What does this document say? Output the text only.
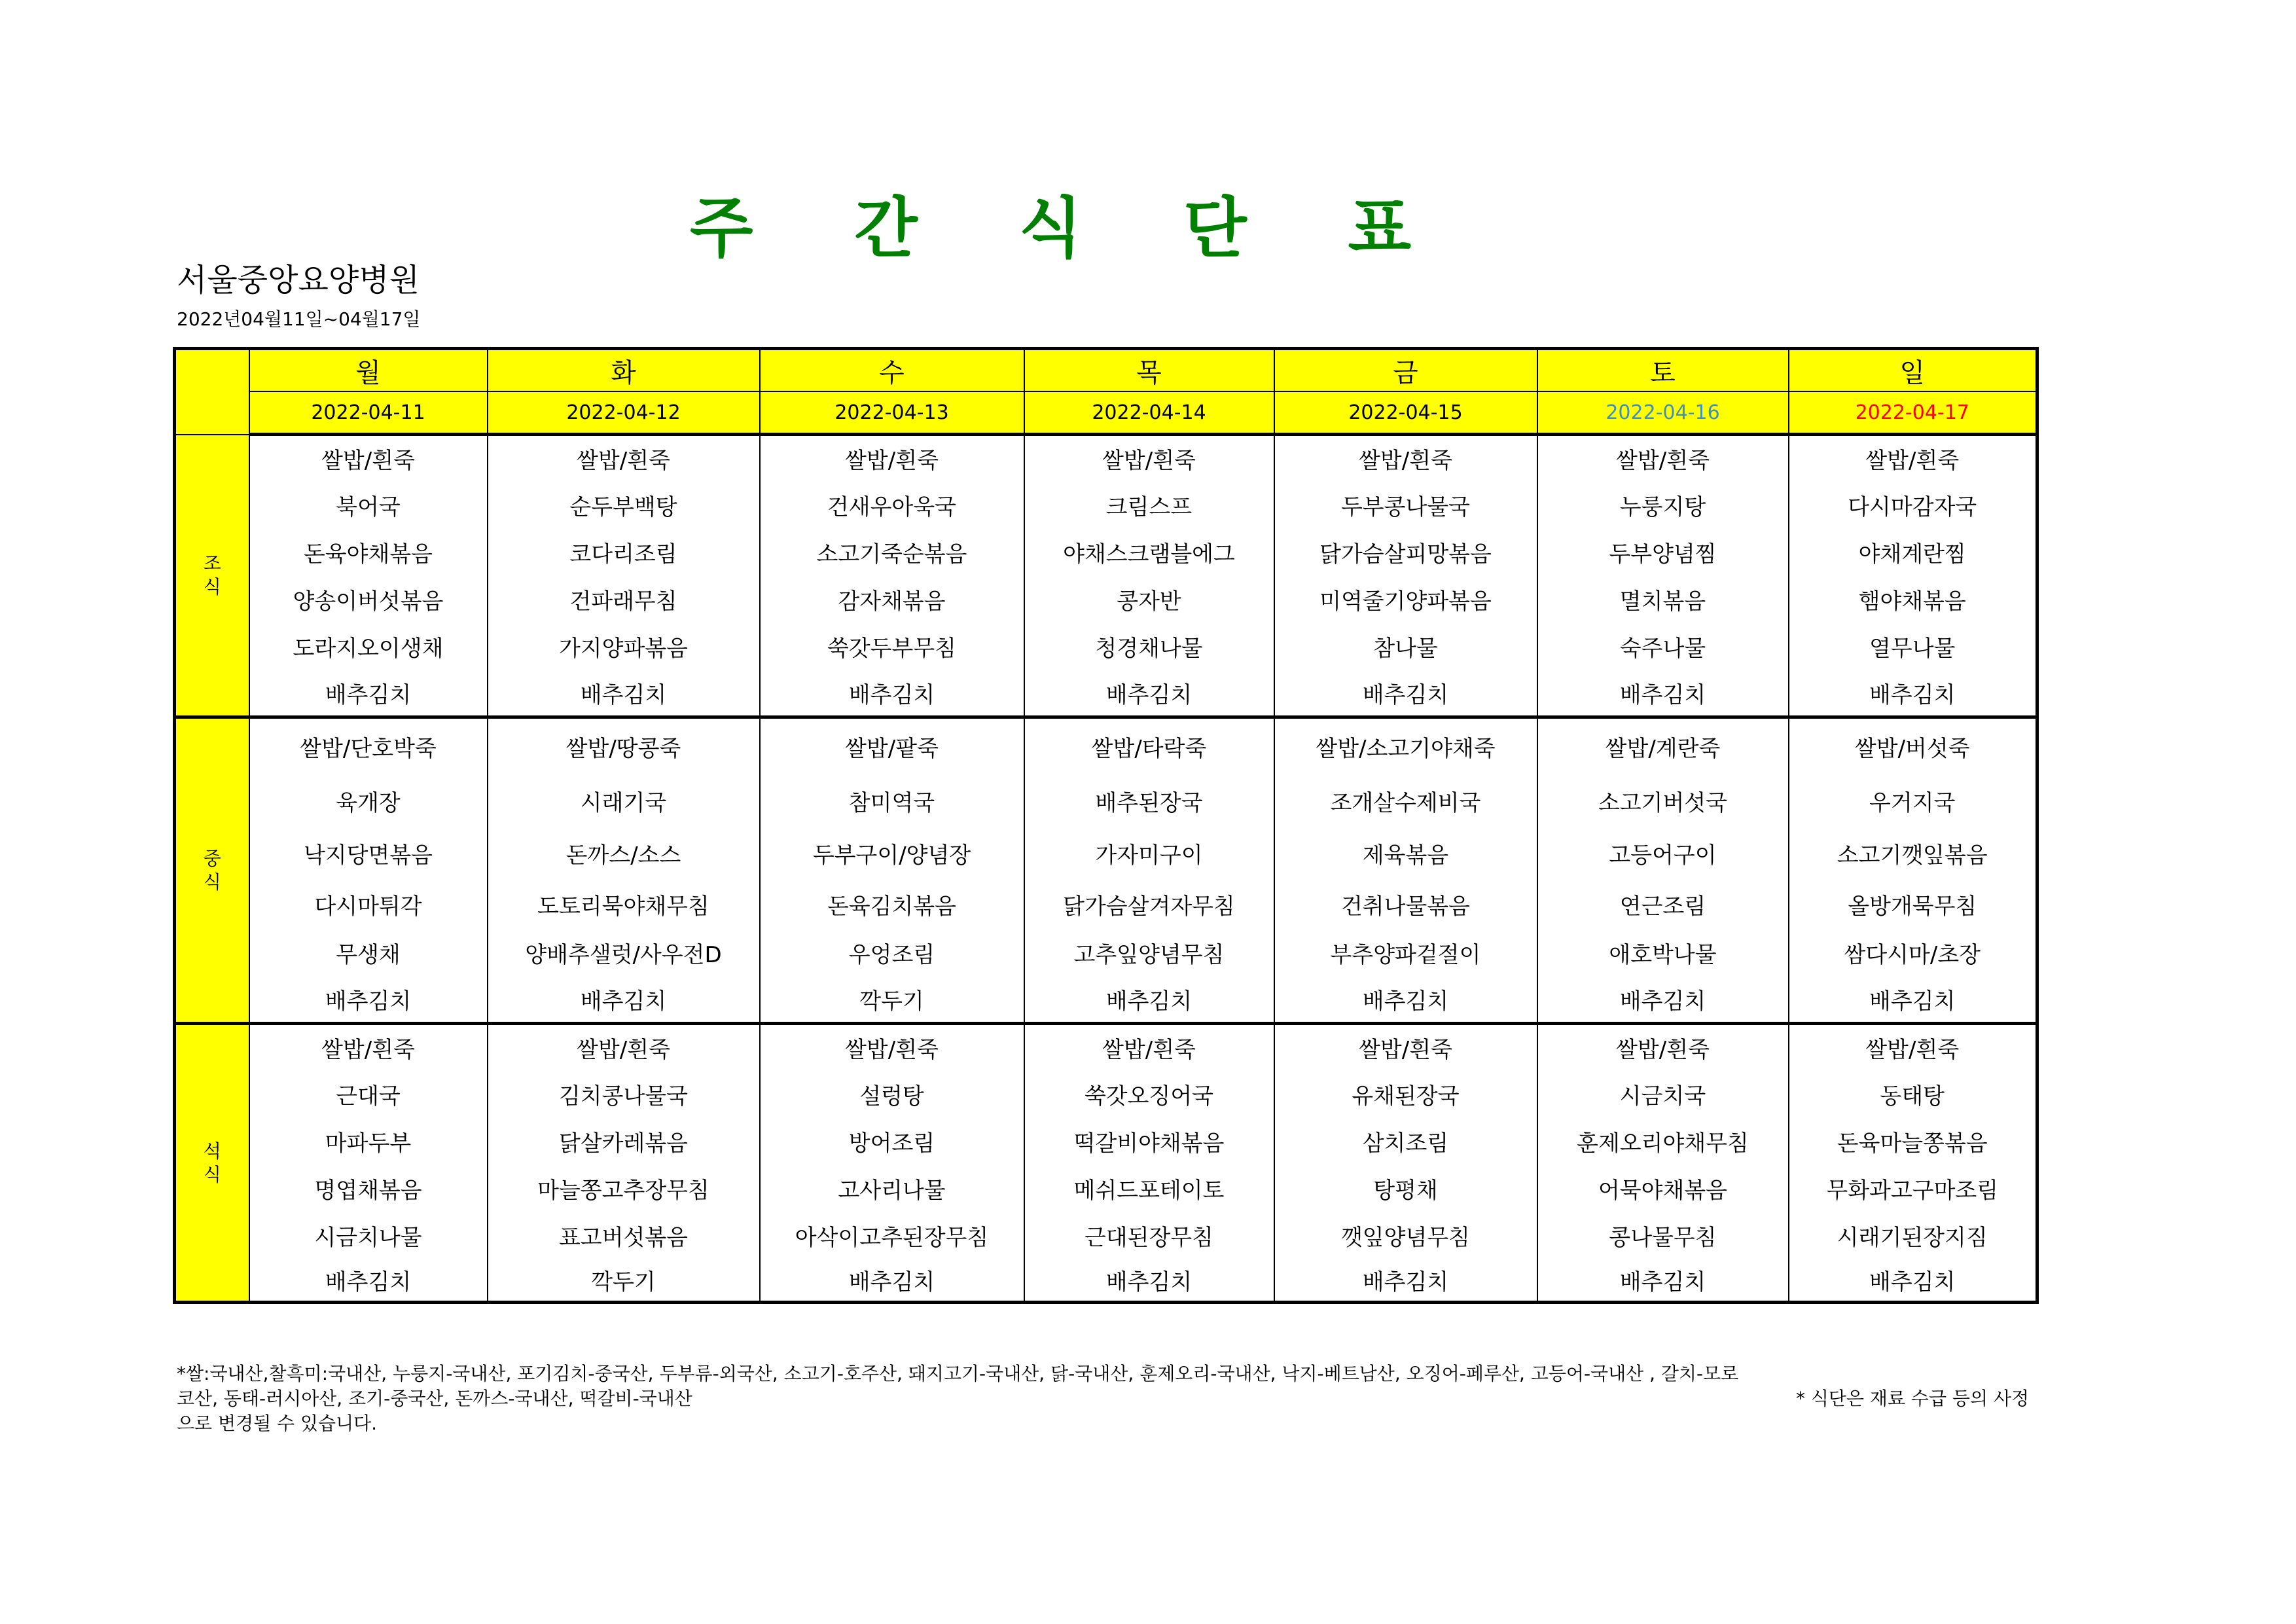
주 간 식 단 표
서울중앙요양병원
2022년04월11일~04월17일
	월	화	수	목	금	토	일
	2022-04-11	2022-04-12	2022-04-13	2022-04-14	2022-04-15	2022-04-16	2022-04-17

조
식	쌀밥/흰죽	쌀밥/흰죽	쌀밥/흰죽	쌀밥/흰죽	쌀밥/흰죽	쌀밥/흰죽	쌀밥/흰죽
	북어국	순두부백탕	건새우아욱국	크림스프	두부콩나물국	누룽지탕	다시마감자국
	돈육야채볶음	코다리조림	소고기죽순볶음	야채스크램블에그	닭가슴살피망볶음	두부양념찜	야채계란찜
	양송이버섯볶음	건파래무침	감자채볶음	콩자반	미역줄기양파볶음	멸치볶음	햄야채볶음
	도라지오이생채	가지양파볶음	쑥갓두부무침	청경채나물	참나물	숙주나물	열무나물
	배추김치	배추김치	배추김치	배추김치	배추김치	배추김치	배추김치

중
식	쌀밥/단호박죽	쌀밥/땅콩죽	쌀밥/팥죽	쌀밥/타락죽	쌀밥/소고기야채죽	쌀밥/계란죽	쌀밥/버섯죽
	육개장	시래기국	참미역국	배추된장국	조개살수제비국	소고기버섯국	우거지국
	낙지당면볶음	돈까스/소스	두부구이/양념장	가자미구이	제육볶음	고등어구이	소고기깻잎볶음
	다시마튀각	도토리묵야채무침	돈육김치볶음	닭가슴살겨자무침	건취나물볶음	연근조림	올방개묵무침
	무생채	양배추샐럿/사우전D	우엉조림	고추잎양념무침	부추양파겉절이	애호박나물	쌈다시마/초장
	배추김치	배추김치	깍두기	배추김치	배추김치	배추김치	배추김치

석
식	쌀밥/흰죽	쌀밥/흰죽	쌀밥/흰죽	쌀밥/흰죽	쌀밥/흰죽	쌀밥/흰죽	쌀밥/흰죽
	근대국	김치콩나물국	설렁탕	쑥갓오징어국	유채된장국	시금치국	동태탕
	마파두부	닭살카레볶음	방어조림	떡갈비야채볶음	삼치조림	훈제오리야채무침	돈육마늘쫑볶음
	명엽채볶음	마늘쫑고추장무침	고사리나물	메쉬드포테이토	탕평채	어묵야채볶음	무화과고구마조림
	시금치나물	표고버섯볶음	아삭이고추된장무침	근대된장무침	깻잎양념무침	콩나물무침	시래기된장지짐
	배추김치	깍두기	배추김치	배추김치	배추김치	배추김치	배추김치
*쌀:국내산,찰흑미:국내산, 누룽지-국내산, 포기김치-중국산, 두부류-외국산, 소고기-호주산, 돼지고기-국내산, 닭-국내산, 훈제오리-국내산, 낙지-베트남산, 오징어-페루산, 고등어-국내산 , 갈치-모로
코산, 동태-러시아산, 조기-중국산, 돈까스-국내산, 떡갈비-국내산	* 식단은 재료 수급 등의 사정
으로 변경될 수 있습니다.
